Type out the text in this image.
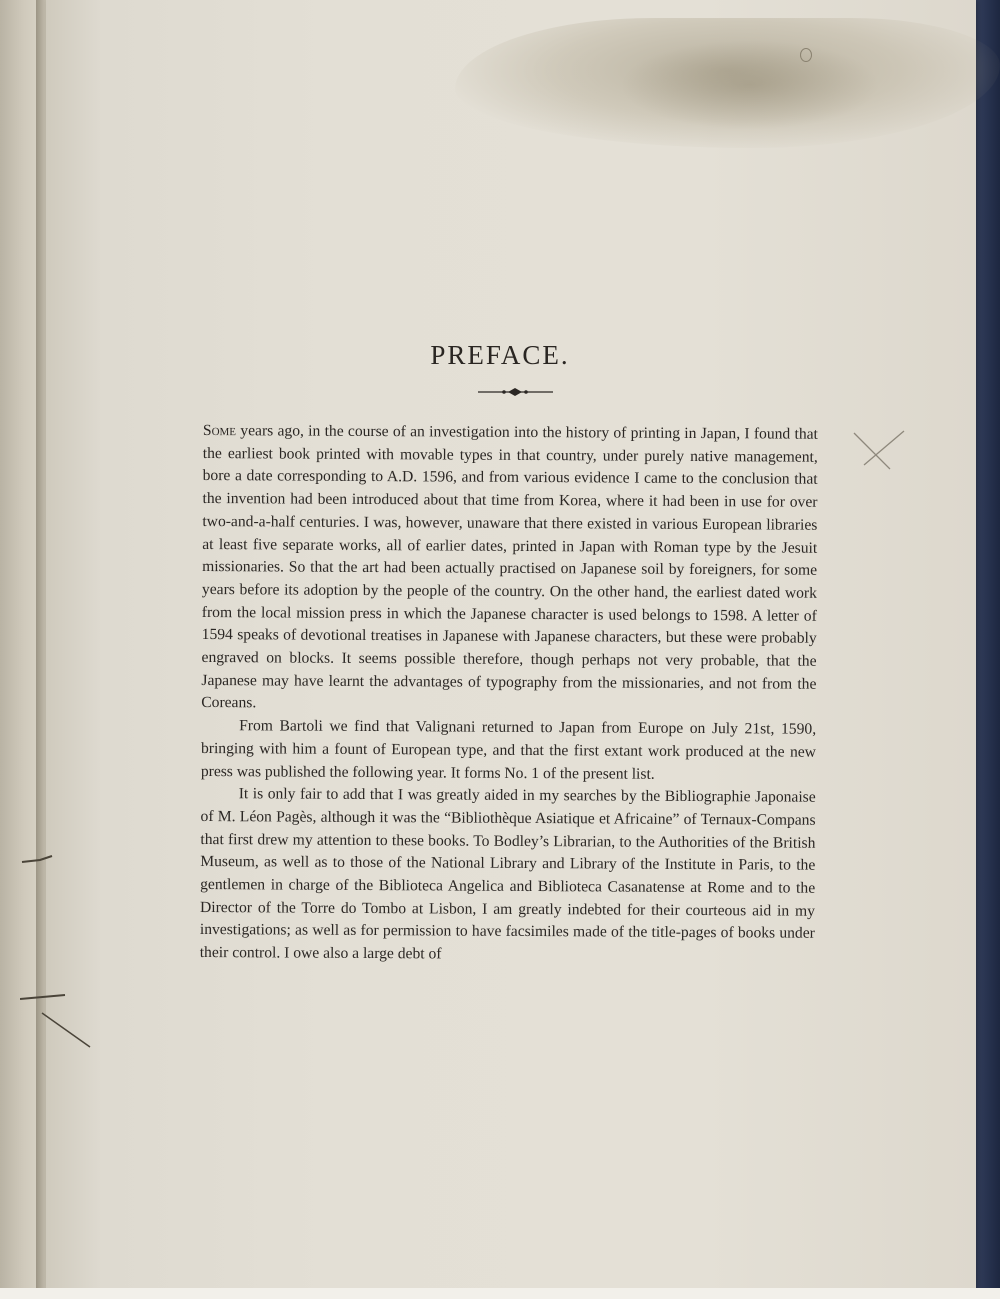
PREFACE.

Some years ago, in the course of an investigation into the history of printing in Japan, I found that the earliest book printed with movable types in that country, under purely native management, bore a date corresponding to A.D. 1596, and from various evidence I came to the conclusion that the invention had been introduced about that time from Korea, where it had been in use for over two-and-a-half centuries. I was, however, unaware that there existed in various European libraries at least five separate works, all of earlier dates, printed in Japan with Roman type by the Jesuit missionaries. So that the art had been actually practised on Japanese soil by foreigners, for some years before its adoption by the people of the country. On the other hand, the earliest dated work from the local mission press in which the Japanese character is used belongs to 1598. A letter of 1594 speaks of devotional treatises in Japanese with Japanese characters, but these were probably engraved on blocks. It seems possible therefore, though perhaps not very probable, that the Japanese may have learnt the advantages of typography from the missionaries, and not from the Coreans.

From Bartoli we find that Valignani returned to Japan from Europe on July 21st, 1590, bringing with him a fount of European type, and that the first extant work produced at the new press was published the following year. It forms No. 1 of the present list.

It is only fair to add that I was greatly aided in my searches by the Bibliographie Japonaise of M. Léon Pagès, although it was the “Bibliothèque Asiatique et Africaine” of Ternaux-Compans that first drew my attention to these books. To Bodley’s Librarian, to the Authorities of the British Museum, as well as to those of the National Library and Library of the Institute in Paris, to the gentlemen in charge of the Biblioteca Angelica and Biblioteca Casanatense at Rome and to the Director of the Torre do Tombo at Lisbon, I am greatly indebted for their courteous aid in my investigations; as well as for permission to have facsimiles made of the title-pages of books under their control. I owe also a large debt of
